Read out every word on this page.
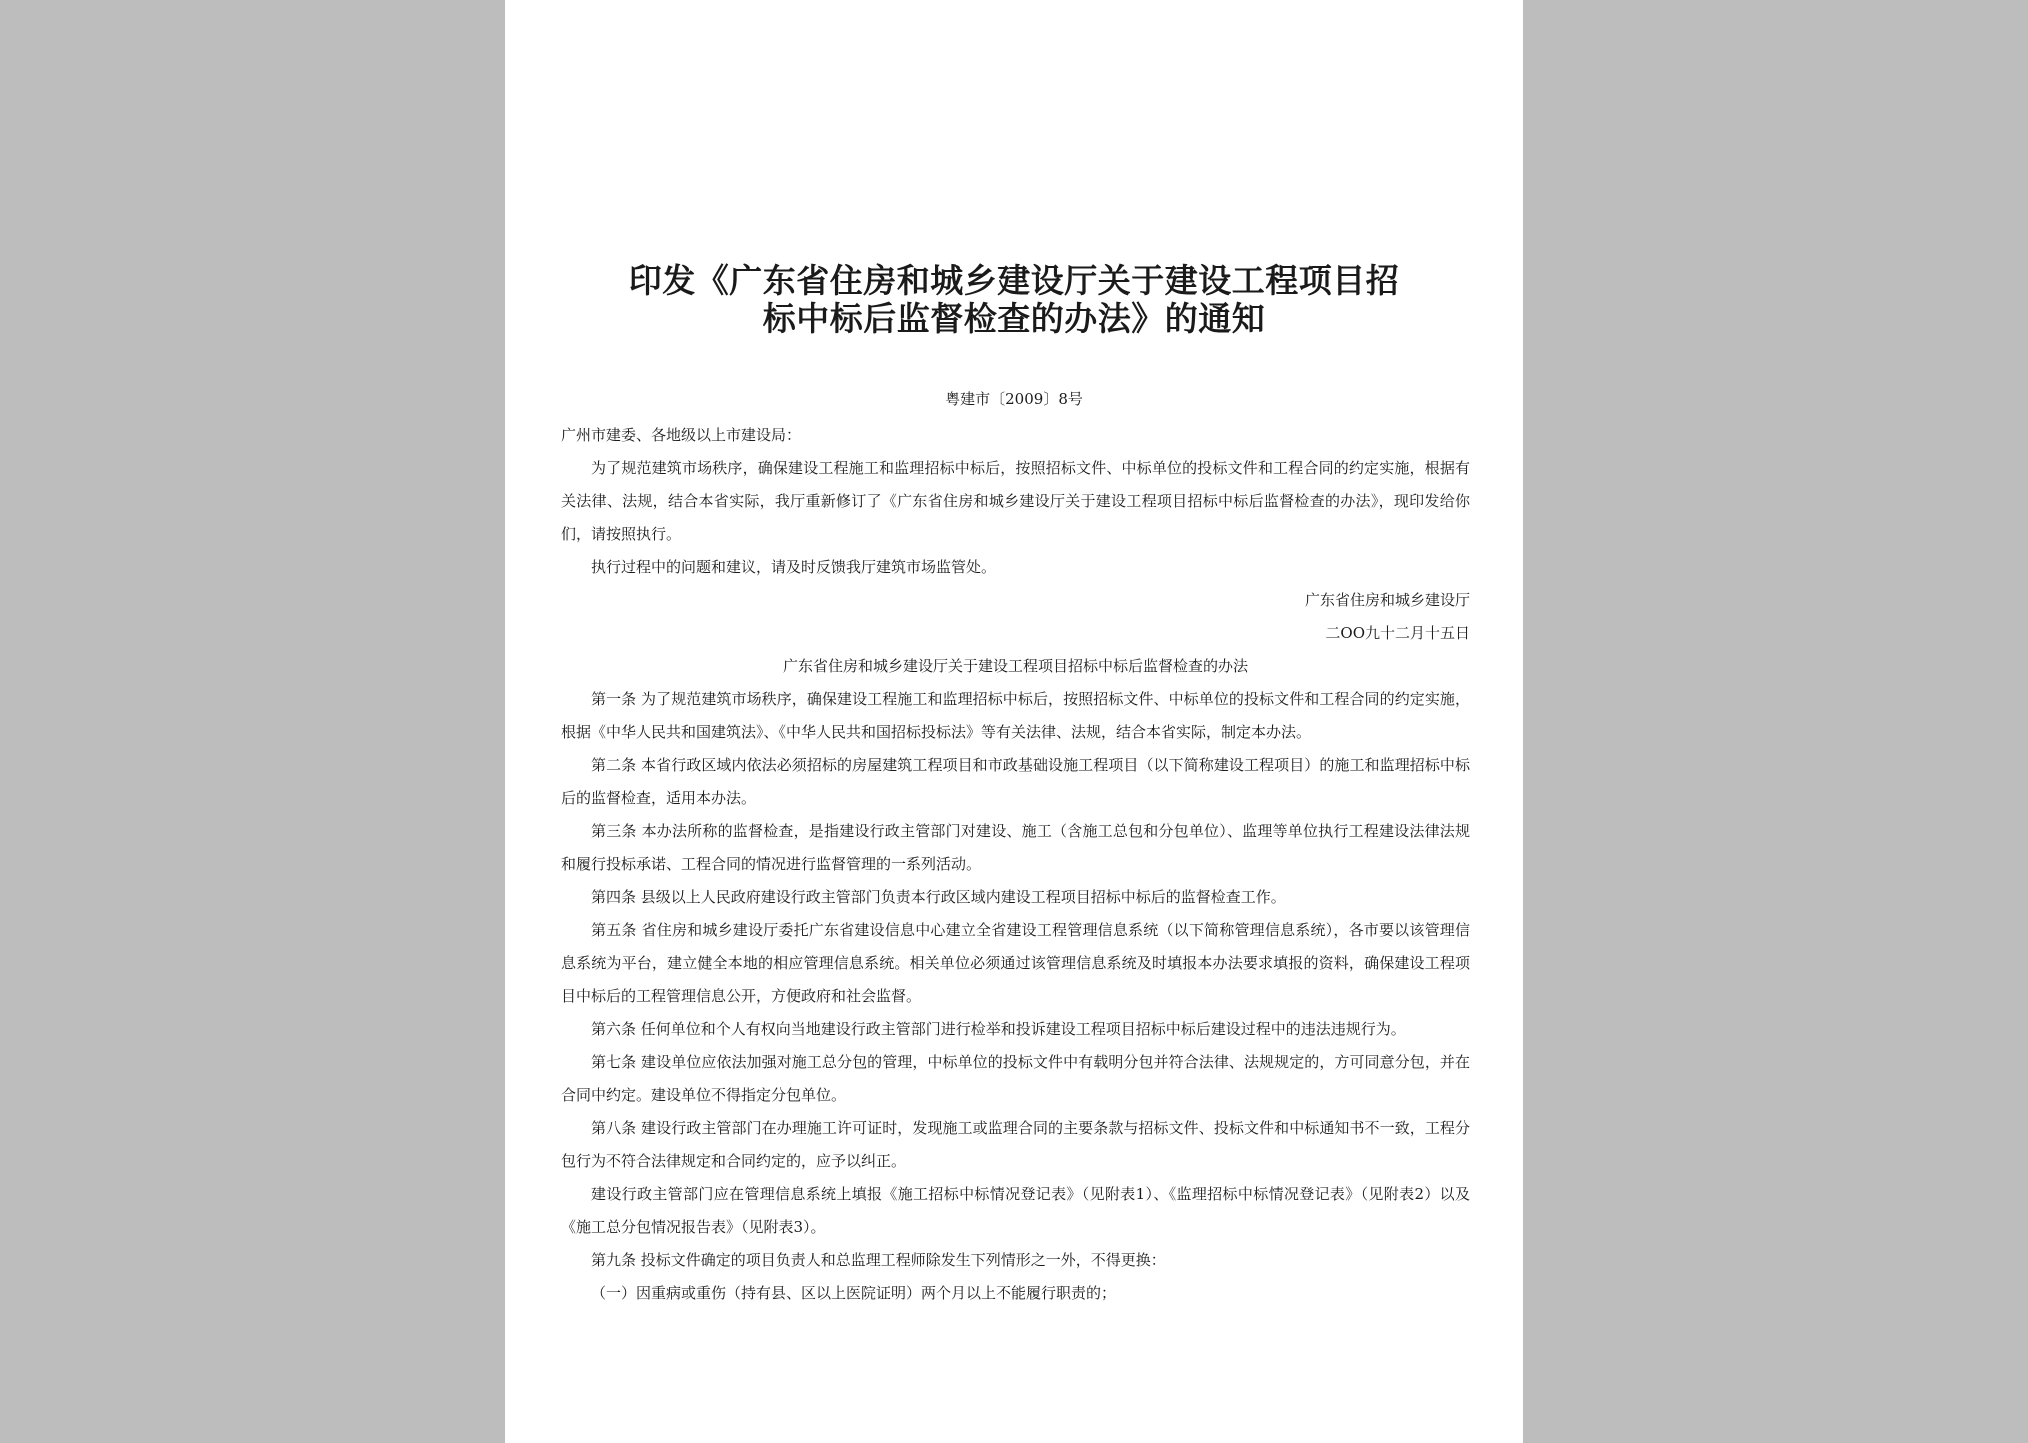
印发《广东省住房和城乡建设厅关于建设工程项目招
标中标后监督检查的办法》的通知
粤建市〔2009〕8号

广州市建委、各地级以上市建设局：

为了规范建筑市场秩序，确保建设工程施工和监理招标中标后，按照招标文件、中标单位的投标文件和工程合同的约定实施，根据有关法律、法规，结合本省实际，我厅重新修订了《广东省住房和城乡建设厅关于建设工程项目招标中标后监督检查的办法》，现印发给你们，请按照执行。

执行过程中的问题和建议，请及时反馈我厅建筑市场监管处。

广东省住房和城乡建设厅

二OO九十二月十五日

广东省住房和城乡建设厅关于建设工程项目招标中标后监督检查的办法

第一条 为了规范建筑市场秩序，确保建设工程施工和监理招标中标后，按照招标文件、中标单位的投标文件和工程合同的约定实施，根据《中华人民共和国建筑法》、《中华人民共和国招标投标法》等有关法律、法规，结合本省实际，制定本办法。

第二条 本省行政区域内依法必须招标的房屋建筑工程项目和市政基础设施工程项目（以下简称建设工程项目）的施工和监理招标中标后的监督检查，适用本办法。

第三条 本办法所称的监督检查，是指建设行政主管部门对建设、施工（含施工总包和分包单位）、监理等单位执行工程建设法律法规和履行投标承诺、工程合同的情况进行监督管理的一系列活动。

第四条 县级以上人民政府建设行政主管部门负责本行政区域内建设工程项目招标中标后的监督检查工作。

第五条 省住房和城乡建设厅委托广东省建设信息中心建立全省建设工程管理信息系统（以下简称管理信息系统），各市要以该管理信息系统为平台，建立健全本地的相应管理信息系统。相关单位必须通过该管理信息系统及时填报本办法要求填报的资料，确保建设工程项目中标后的工程管理信息公开，方便政府和社会监督。

第六条 任何单位和个人有权向当地建设行政主管部门进行检举和投诉建设工程项目招标中标后建设过程中的违法违规行为。

第七条 建设单位应依法加强对施工总分包的管理，中标单位的投标文件中有载明分包并符合法律、法规规定的，方可同意分包，并在合同中约定。建设单位不得指定分包单位。

第八条 建设行政主管部门在办理施工许可证时，发现施工或监理合同的主要条款与招标文件、投标文件和中标通知书不一致，工程分包行为不符合法律规定和合同约定的，应予以纠正。

建设行政主管部门应在管理信息系统上填报《施工招标中标情况登记表》（见附表1）、《监理招标中标情况登记表》（见附表2）以及《施工总分包情况报告表》（见附表3）。

第九条 投标文件确定的项目负责人和总监理工程师除发生下列情形之一外，不得更换：

（一）因重病或重伤（持有县、区以上医院证明）两个月以上不能履行职责的；
